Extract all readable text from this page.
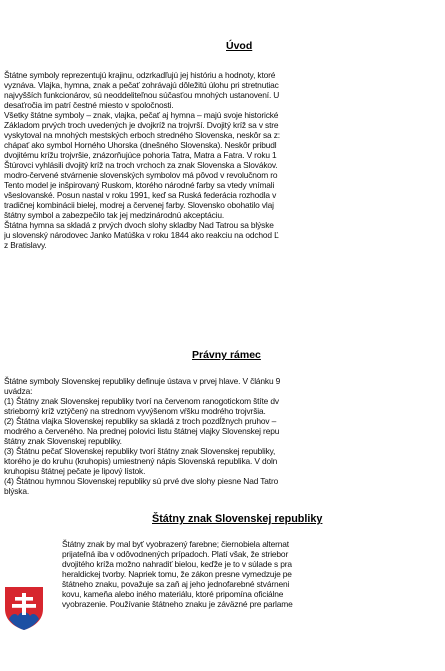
Úvod
Štátne symboly reprezentujú krajinu, odzrkadľujú jej históriu a hodnoty, ktoré
vyznáva. Vlajka, hymna, znak a pečať zohrávajú dôležitú úlohu pri stretnutiac
najvyšších funkcionárov, sú neoddeliteľnou súčasťou mnohých ustanovení. U
desaťročia im patrí čestné miesto v spoločnosti.
Všetky štátne symboly – znak, vlajka, pečať aj hymna – majú svoje historické
Základom prvých troch uvedených je dvojkríž na trojvrší. Dvojitý kríž sa v stre
vyskytoval na mnohých mestských erboch stredného Slovenska, neskôr sa z:
chápať ako symbol Horného Uhorska (dnešného Slovenska). Neskôr pribudl
dvojitému krížu trojvršie, znázorňujúce pohoria Tatra, Matra a Fatra. V roku 1
Štúrovci vyhlásili dvojitý kríž na troch vrchoch za znak Slovenska a Slovákov.
modro-červené stvárnenie slovenských symbolov má pôvod v revolučnom ro
Tento model je inšpirovaný Ruskom, ktorého národné farby sa vtedy vnímali
všeslovanské. Posun nastal v roku 1991, keď sa Ruská federácia rozhodla v
tradičnej kombinácii bielej, modrej a červenej farby. Slovensko obohatilo vlaj
štátny symbol a zabezpečilo tak jej medzinárodnú akceptáciu.
Štátna hymna sa skladá z prvých dvoch slohy skladby Nad Tatrou sa blýske
ju slovenský národovec Janko Matúška v roku 1844 ako reakciu na odchod Ľ
z Bratislavy.
Právny rámec
Štátne symboly Slovenskej republiky definuje ústava v prvej hlave. V článku 9
uvádza:
(1) Štátny znak Slovenskej republiky tvorí na červenom ranogotickom štíte dv
strieborný kríž vztýčený na strednom vyvýšenom vŕšku modrého trojvršia.
(2) Štátna vlajka Slovenskej republiky sa skladá z troch pozdĺžnych pruhov –
modrého a červeného. Na prednej polovici listu štátnej vlajky Slovenskej repu
štátny znak Slovenskej republiky.
(3) Štátnu pečať Slovenskej republiky tvorí štátny znak Slovenskej republiky,
ktorého je do kruhu (kruhopis) umiestnený nápis Slovenská republika. V doln
kruhopisu štátnej pečate je lipový lístok.
(4) Štátnou hymnou Slovenskej republiky sú prvé dve slohy piesne Nad Tatro
blýska.
Štátny znak Slovenskej republiky
Štátny znak by mal byť vyobrazený farebne; čiernobiela alternat
prijateľná iba v odôvodnených prípadoch. Platí však, že striebor
dvojitého kríža možno nahradiť bielou, keďže je to v súlade s pra
heraldickej tvorby. Napriek tomu, že zákon presne vymedzuje pe
štátneho znaku, považuje sa zaň aj jeho jednofarebné stvárneni
kovu, kameňa alebo iného materiálu, ktoré pripomína oficiálne
vyobrazenie. Používanie štátneho znaku je záväzné pre parlame
